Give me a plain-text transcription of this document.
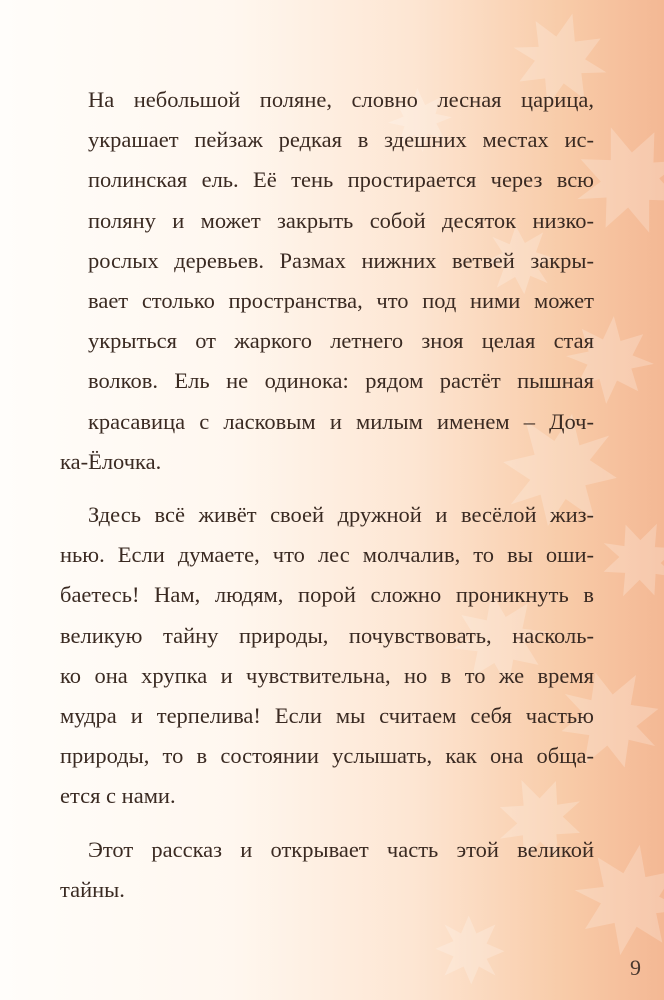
На небольшой поляне, словно лесная царица,
украшает пейзаж редкая в здешних местах ис-
полинская ель. Её тень простирается через всю
поляну и может закрыть собой десяток низко-
рослых деревьев. Размах нижних ветвей закры-
вает столько пространства, что под ними может
укрыться от жаркого летнего зноя целая стая
волков. Ель не одинока: рядом растёт пышная
красавица с ласковым и милым именем – Доч-
ка-Ёлочка.

Здесь всё живёт своей дружной и весёлой жиз-
нью. Если думаете, что лес молчалив, то вы оши-
баетесь! Нам, людям, порой сложно проникнуть в
великую тайну природы, почувствовать, насколь-
ко она хрупка и чувствительна, но в то же время
мудра и терпелива! Если мы считаем себя частью
природы, то в состоянии услышать, как она обща-
ется с нами.

Этот рассказ и открывает часть этой великой
тайны.

9
